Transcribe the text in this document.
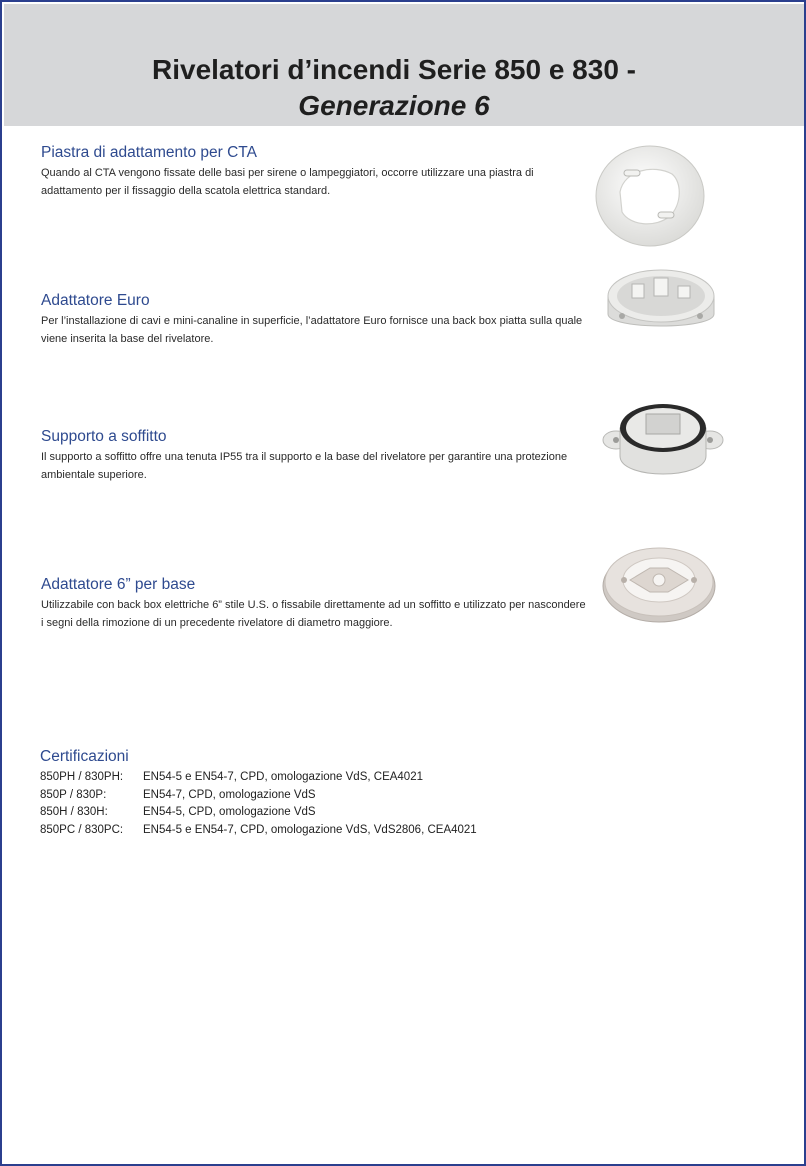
Rivelatori d’incendi Serie 850 e 830 -
Generazione 6
Piastra di adattamento per CTA
Quando al CTA vengono fissate delle basi per sirene o lampeggiatori, occorre utilizzare una piastra di adattamento per il fissaggio della scatola elettrica standard.
Adattatore Euro
Per l’installazione di cavi e mini-canaline in superficie, l’adattatore Euro fornisce una back box piatta sulla quale viene inserita la base del rivelatore.
Supporto a soffitto
Il supporto a soffitto offre una tenuta IP55 tra il supporto e la base del rivelatore per garantire una protezione ambientale superiore.
Adattatore 6” per base
Utilizzabile con back box elettriche 6” stile U.S. o fissabile direttamente ad un soffitto e utilizzato per nascondere i segni della rimozione di un precedente rivelatore di diametro maggiore.
Certificazioni
850PH / 830PH:	EN54-5 e EN54-7, CPD, omologazione VdS, CEA4021
850P / 830P:	EN54-7, CPD, omologazione VdS
850H / 830H:	EN54-5, CPD, omologazione VdS
850PC / 830PC:	EN54-5 e EN54-7, CPD, omologazione VdS, VdS2806, CEA4021
